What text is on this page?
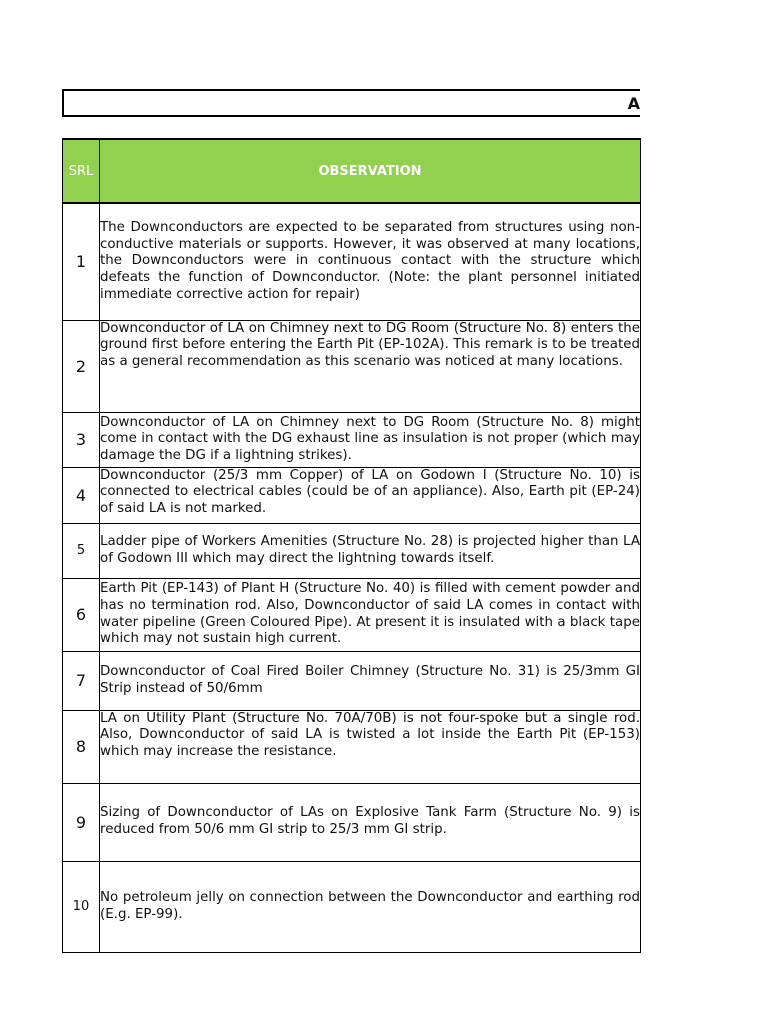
A
SRL	OBSERVATION
1	The Downconductors are expected to be separated from structures using non- conductive materials or supports. However, it was observed at many locations, the Downconductors were in continuous contact with the structure which defeats the function of Downconductor. (Note: the plant personnel initiated immediate corrective action for repair)
2	Downconductor of LA on Chimney next to DG Room (Structure No. 8) enters the ground first before entering the Earth Pit (EP-102A). This remark is to be treated as a general recommendation as this scenario was noticed at many locations.
3	Downconductor of LA on Chimney next to DG Room (Structure No. 8) might come in contact with the DG exhaust line as insulation is not proper (which may damage the DG if a lightning strikes).
4	Downconductor (25/3 mm Copper) of LA on Godown I (Structure No. 10) is connected to electrical cables (could be of an appliance). Also, Earth pit (EP-24) of said LA is not marked.
5	Ladder pipe of Workers Amenities (Structure No. 28) is projected higher than LA of Godown III which may direct the lightning towards itself.
6	Earth Pit (EP-143) of Plant H (Structure No. 40) is filled with cement powder and has no termination rod. Also, Downconductor of said LA comes in contact with water pipeline (Green Coloured Pipe). At present it is insulated with a black tape which may not sustain high current.
7	Downconductor of Coal Fired Boiler Chimney (Structure No. 31) is 25/3mm GI Strip instead of 50/6mm
8	LA on Utility Plant (Structure No. 70A/70B) is not four-spoke but a single rod. Also, Downconductor of said LA is twisted a lot inside the Earth Pit (EP-153) which may increase the resistance.
9	Sizing of Downconductor of LAs on Explosive Tank Farm (Structure No. 9) is reduced from 50/6 mm GI strip to 25/3 mm GI strip.
10	No petroleum jelly on connection between the Downconductor and earthing rod (E.g. EP-99).
